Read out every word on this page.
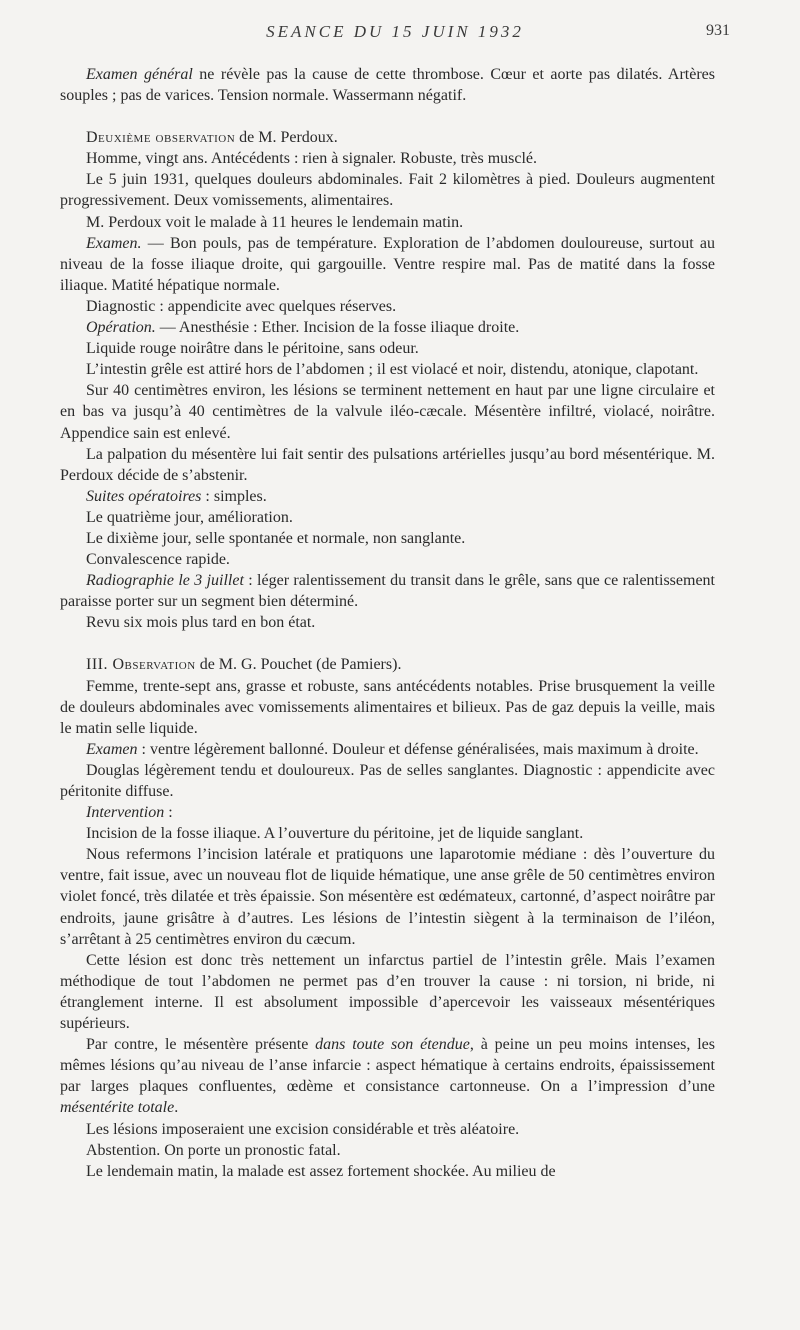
SEANCE DU 15 JUIN 1932	931

Examen général ne révèle pas la cause de cette thrombose. Cœur et aorte pas dilatés. Artères souples ; pas de varices. Tension normale. Wassermann négatif.

Deuxième observation de M. Perdoux.

Homme, vingt ans. Antécédents : rien à signaler. Robuste, très musclé.

Le 5 juin 1931, quelques douleurs abdominales. Fait 2 kilomètres à pied. Douleurs augmentent progressivement. Deux vomissements, alimentaires.

M. Perdoux voit le malade à 11 heures le lendemain matin.

Examen. — Bon pouls, pas de température. Exploration de l’abdomen douloureuse, surtout au niveau de la fosse iliaque droite, qui gargouille. Ventre respire mal. Pas de matité dans la fosse iliaque. Matité hépatique normale.

Diagnostic : appendicite avec quelques réserves.

Opération. — Anesthésie : Ether. Incision de la fosse iliaque droite.

Liquide rouge noirâtre dans le péritoine, sans odeur.

L’intestin grêle est attiré hors de l’abdomen ; il est violacé et noir, distendu, atonique, clapotant.

Sur 40 centimètres environ, les lésions se terminent nettement en haut par une ligne circulaire et en bas va jusqu’à 40 centimètres de la valvule iléo-cæcale. Mésentère infiltré, violacé, noirâtre. Appendice sain est enlevé.

La palpation du mésentère lui fait sentir des pulsations artérielles jusqu’au bord mésentérique. M. Perdoux décide de s’abstenir.

Suites opératoires : simples.

Le quatrième jour, amélioration.

Le dixième jour, selle spontanée et normale, non sanglante.

Convalescence rapide.

Radiographie le 3 juillet : léger ralentissement du transit dans le grêle, sans que ce ralentissement paraisse porter sur un segment bien déterminé.

Revu six mois plus tard en bon état.

III. Observation de M. G. Pouchet (de Pamiers).

Femme, trente-sept ans, grasse et robuste, sans antécédents notables. Prise brusquement la veille de douleurs abdominales avec vomissements alimentaires et bilieux. Pas de gaz depuis la veille, mais le matin selle liquide.

Examen : ventre légèrement ballonné. Douleur et défense généralisées, mais maximum à droite.

Douglas légèrement tendu et douloureux. Pas de selles sanglantes. Diagnostic : appendicite avec péritonite diffuse.

Intervention :

Incision de la fosse iliaque. A l’ouverture du péritoine, jet de liquide sanglant.

Nous refermons l’incision latérale et pratiquons une laparotomie médiane : dès l’ouverture du ventre, fait issue, avec un nouveau flot de liquide hématique, une anse grêle de 50 centimètres environ violet foncé, très dilatée et très épaissie. Son mésentère est œdémateux, cartonné, d’aspect noirâtre par endroits, jaune grisâtre à d’autres. Les lésions de l’intestin siègent à la terminaison de l’iléon, s’arrêtant à 25 centimètres environ du cæcum.

Cette lésion est donc très nettement un infarctus partiel de l’intestin grêle. Mais l’examen méthodique de tout l’abdomen ne permet pas d’en trouver la cause : ni torsion, ni bride, ni étranglement interne. Il est absolument impossible d’apercevoir les vaisseaux mésentériques supérieurs.

Par contre, le mésentère présente dans toute son étendue, à peine un peu moins intenses, les mêmes lésions qu’au niveau de l’anse infarcie : aspect hématique à certains endroits, épaississement par larges plaques confluentes, œdème et consistance cartonneuse. On a l’impression d’une mésentérite totale.

Les lésions imposeraient une excision considérable et très aléatoire.

Abstention. On porte un pronostic fatal.

Le lendemain matin, la malade est assez fortement shockée. Au milieu de
